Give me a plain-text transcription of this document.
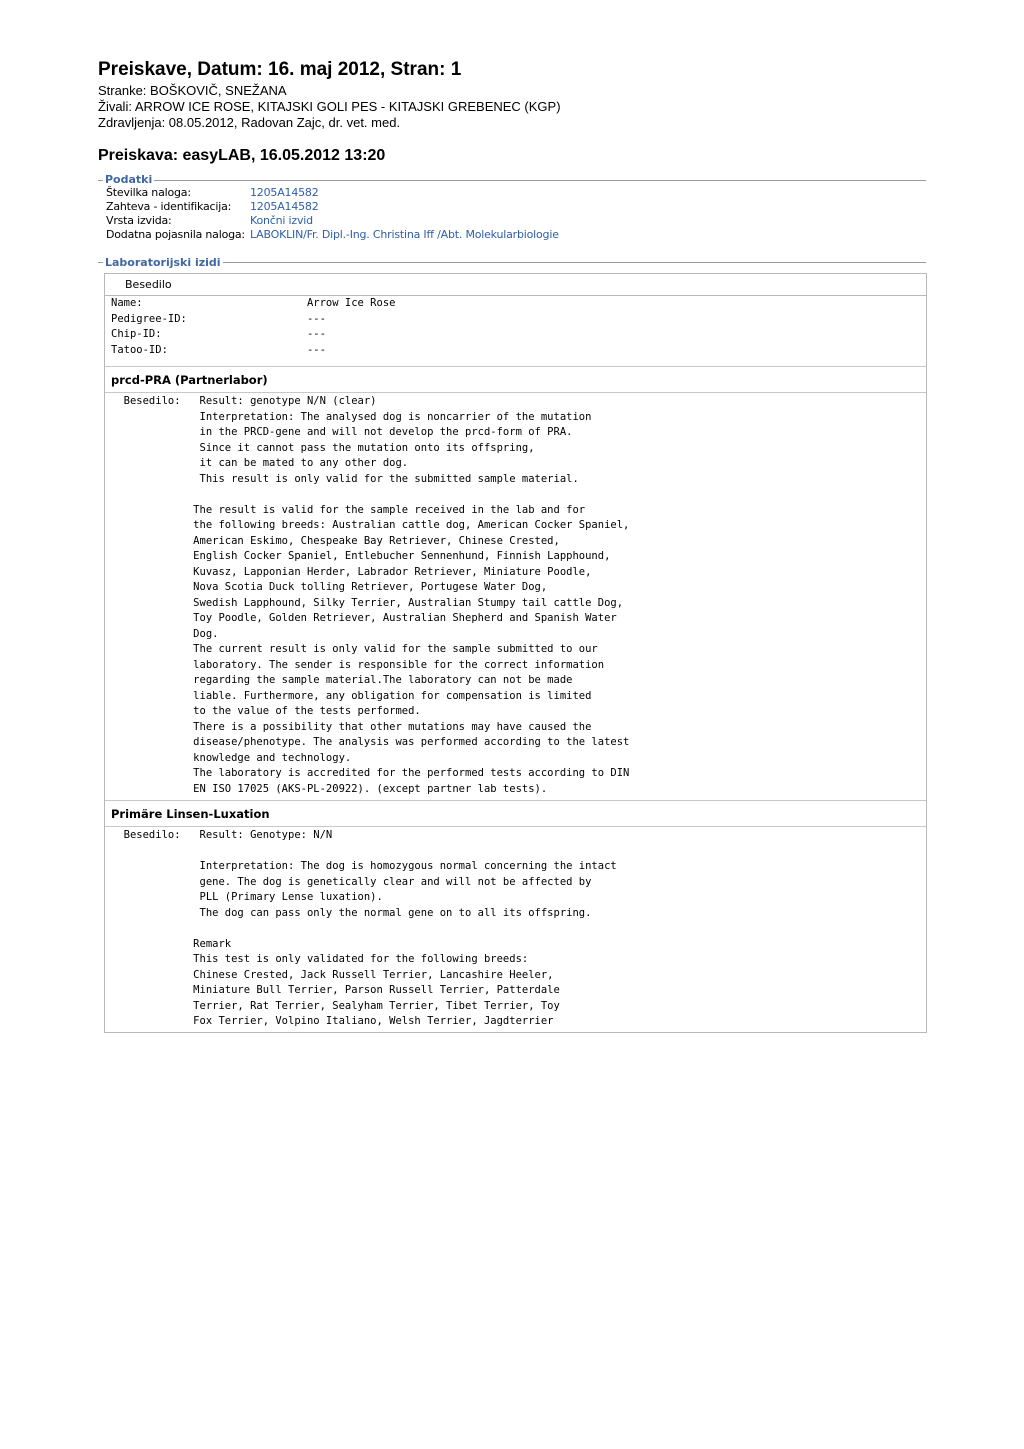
Preiskave, Datum: 16. maj 2012, Stran: 1
Stranke: BOŠKOVIČ, SNEŽANA
Živali: ARROW ICE ROSE, KITAJSKI GOLI PES - KITAJSKI GREBENEC (KGP)
Zdravljenja: 08.05.2012, Radovan Zajc, dr. vet. med.
Preiskava: easyLAB, 16.05.2012 13:20
Podatki
Številka naloga:	1205A14582
Zahteva - identifikacija: 1205A14582
Vrsta izvida:	Končni izvid
Dodatna pojasnila naloga: LABOKLIN/Fr. Dipl.-Ing. Christina Iff /Abt. Molekularbiologie
Laboratorijski izidi
Besedilo
Name:                          Arrow Ice Rose
Pedigree-ID:                   ---
Chip-ID:                       ---
Tatoo-ID:                      ---
prcd-PRA (Partnerlabor)
Besedilo:   Result: genotype N/N (clear)
Interpretation: The analysed dog is noncarrier of the mutation
in the PRCD-gene and will not develop the prcd-form of PRA.
Since it cannot pass the mutation onto its offspring,
it can be mated to any other dog.
This result is only valid for the submitted sample material.

The result is valid for the sample received in the lab and for
the following breeds: Australian cattle dog, American Cocker Spaniel,
American Eskimo, Chespeake Bay Retriever, Chinese Crested,
English Cocker Spaniel, Entlebucher Sennenhund, Finnish Lapphound,
Kuvasz, Lapponian Herder, Labrador Retriever, Miniature Poodle,
Nova Scotia Duck tolling Retriever, Portugese Water Dog,
Swedish Lapphound, Silky Terrier, Australian Stumpy tail cattle Dog,
Toy Poodle, Golden Retriever, Australian Shepherd and Spanish Water
Dog.
The current result is only valid for the sample submitted to our
laboratory. The sender is responsible for the correct information
regarding the sample material.The laboratory can not be made
liable. Furthermore, any obligation for compensation is limited
to the value of the tests performed.
There is a possibility that other mutations may have caused the
disease/phenotype. The analysis was performed according to the latest
knowledge and technology.
The laboratory is accredited for the performed tests according to DIN
EN ISO 17025 (AKS-PL-20922). (except partner lab tests).
Primäre Linsen-Luxation
Besedilo:   Result: Genotype: N/N

Interpretation: The dog is homozygous normal concerning the intact
gene. The dog is genetically clear and will not be affected by
PLL (Primary Lense luxation).
The dog can pass only the normal gene on to all its offspring.

Remark
This test is only validated for the following breeds:
Chinese Crested, Jack Russell Terrier, Lancashire Heeler,
Miniature Bull Terrier, Parson Russell Terrier, Patterdale
Terrier, Rat Terrier, Sealyham Terrier, Tibet Terrier, Toy
Fox Terrier, Volpino Italiano, Welsh Terrier, Jagdterrier
